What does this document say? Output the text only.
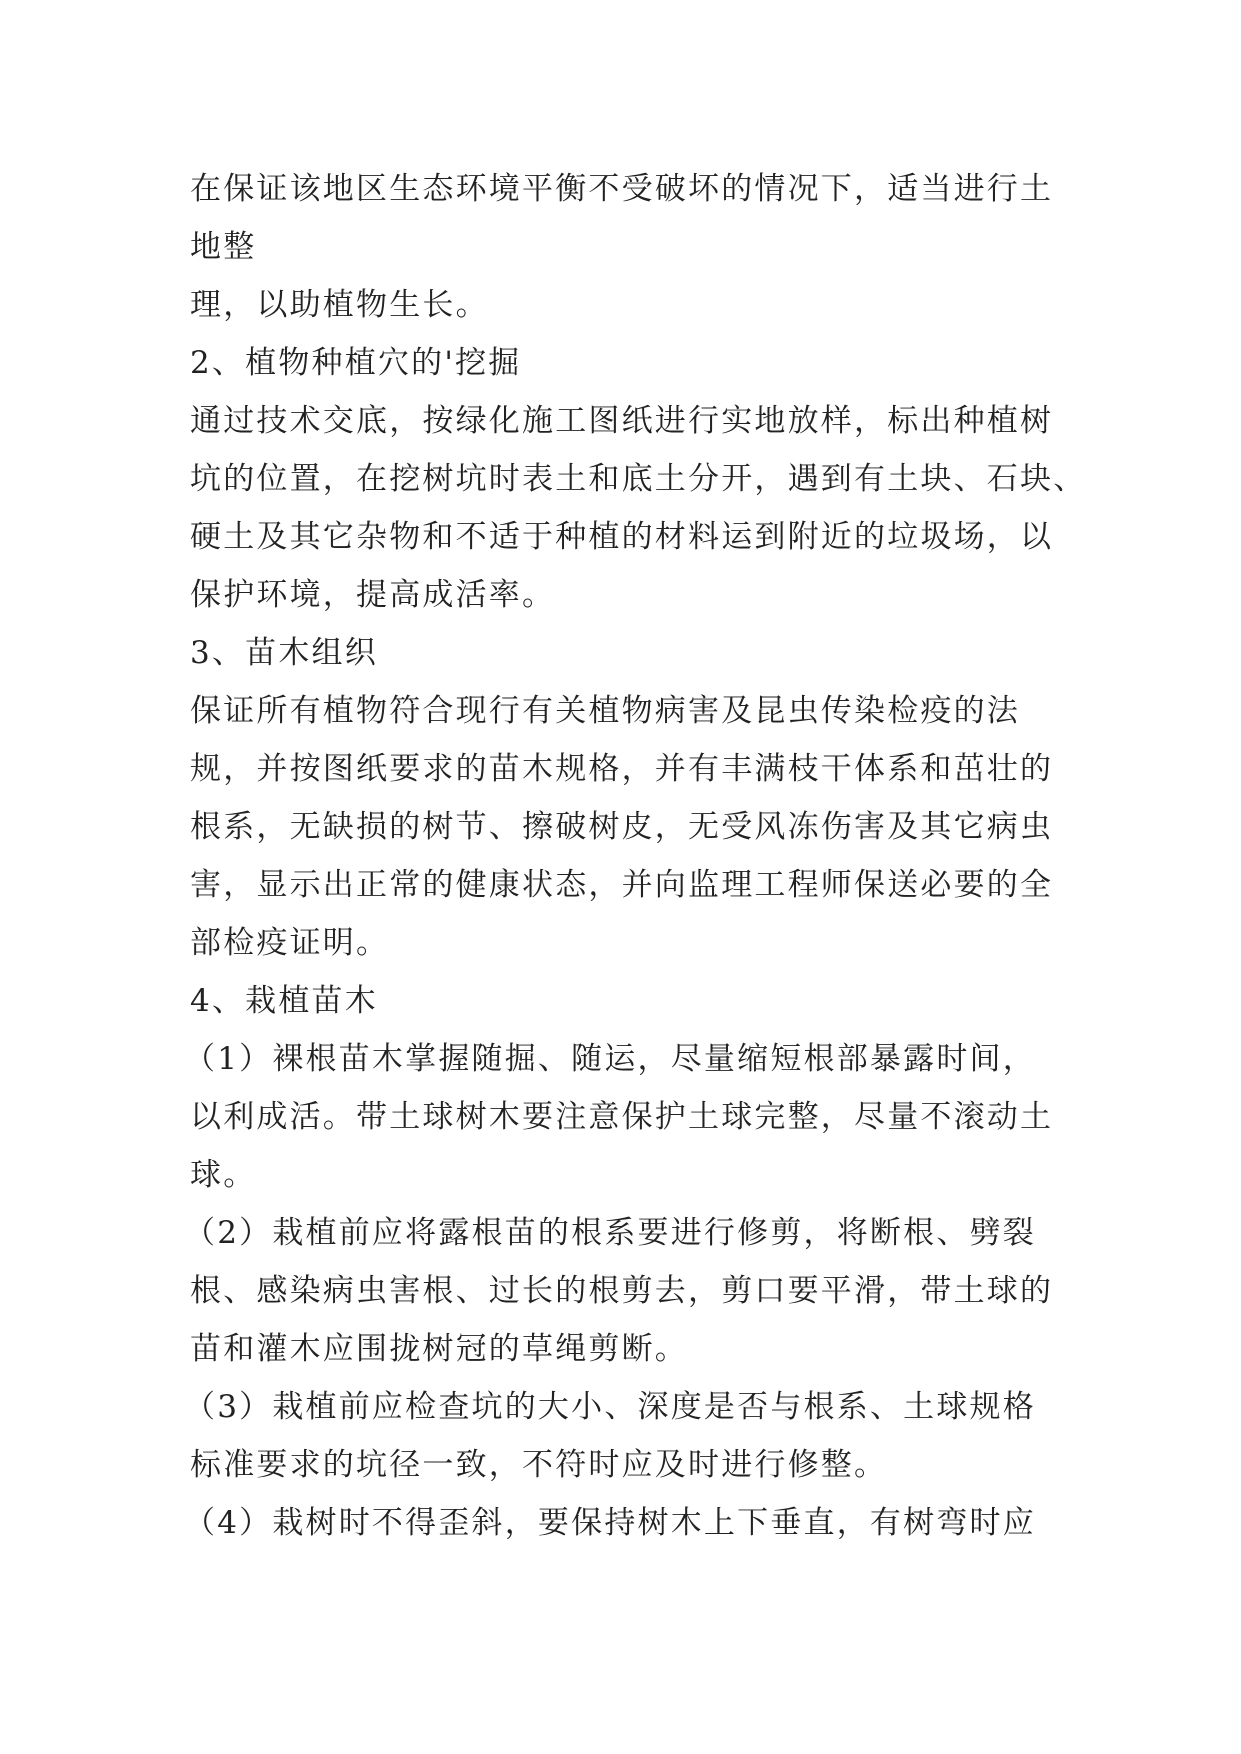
在保证该地区生态环境平衡不受破坏的情况下，适当进行土
地整
理，以助植物生长。
2、植物种植穴的'挖掘
通过技术交底，按绿化施工图纸进行实地放样，标出种植树
坑的位置，在挖树坑时表土和底土分开，遇到有土块、石块、
硬土及其它杂物和不适于种植的材料运到附近的垃圾场，以
保护环境，提高成活率。
3、苗木组织
保证所有植物符合现行有关植物病害及昆虫传染检疫的法
规，并按图纸要求的苗木规格，并有丰满枝干体系和茁壮的
根系，无缺损的树节、擦破树皮，无受风冻伤害及其它病虫
害，显示出正常的健康状态，并向监理工程师保送必要的全
部检疫证明。
4、栽植苗木
（1）裸根苗木掌握随掘、随运，尽量缩短根部暴露时间，
以利成活。带土球树木要注意保护土球完整，尽量不滚动土
球。
（2）栽植前应将露根苗的根系要进行修剪，将断根、劈裂
根、感染病虫害根、过长的根剪去，剪口要平滑，带土球的
苗和灌木应围拢树冠的草绳剪断。
（3）栽植前应检查坑的大小、深度是否与根系、土球规格
标准要求的坑径一致，不符时应及时进行修整。
（4）栽树时不得歪斜，要保持树木上下垂直，有树弯时应
